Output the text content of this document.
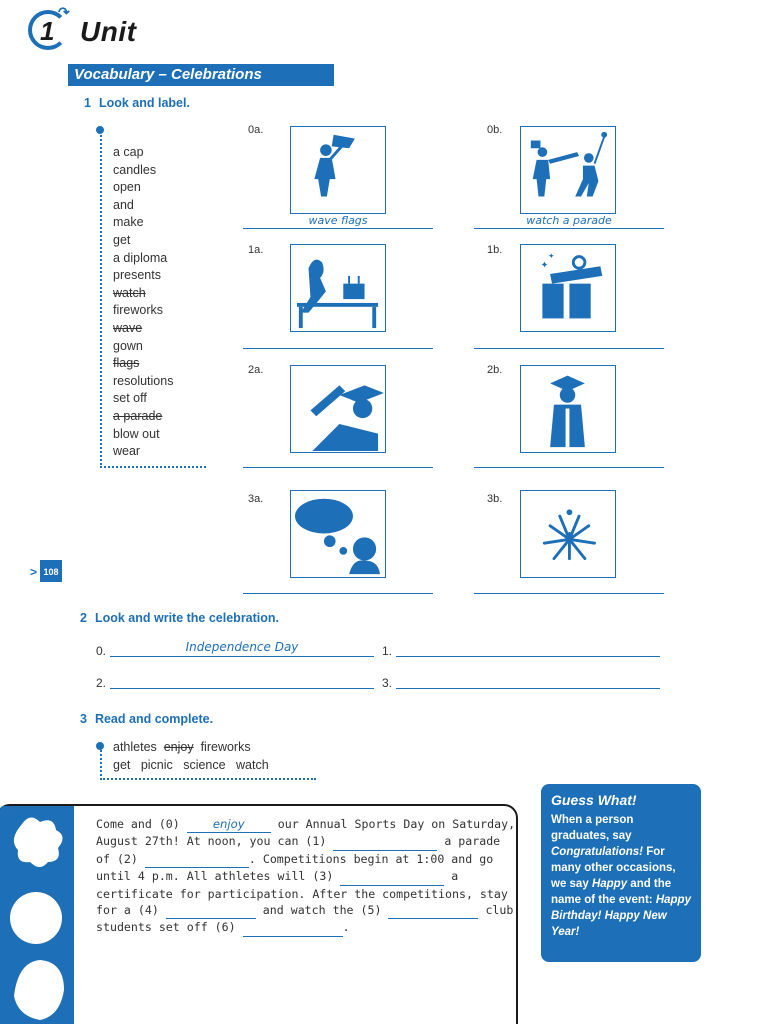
↷
1 Unit
Vocabulary – Celebrations
1 Look and label.
a cap
candles
open
and
make
get
a diploma
presents
watch
fireworks
wave
gown
flags
resolutions
set off
a parade
blow out
wear
0a.
wave flags
0b.
watch a parade
1a.	1b.
✦
✦
2a.	2b.
3a.	3b.
> 108
2 Look and write the celebration.
0.	Independence Day	1.
2.	3.
3 Read and complete.
athletes enjoy fireworks
get picnic science watch
Come and (0)	enjoy	our Annual Sports Day on Saturday, August 27th! At noon, you can (1)	a parade of (2)	. Competitions begin at 1:00 and go until 4 p.m. All athletes will (3)	a certificate for participation. After the competitions, stay for a (4)	and watch the (5)	club students set off (6)	.
Guess What!
When a person graduates, say Congratulations! For many other occasions, we say Happy and the name of the event: Happy Birthday! Happy New Year!
